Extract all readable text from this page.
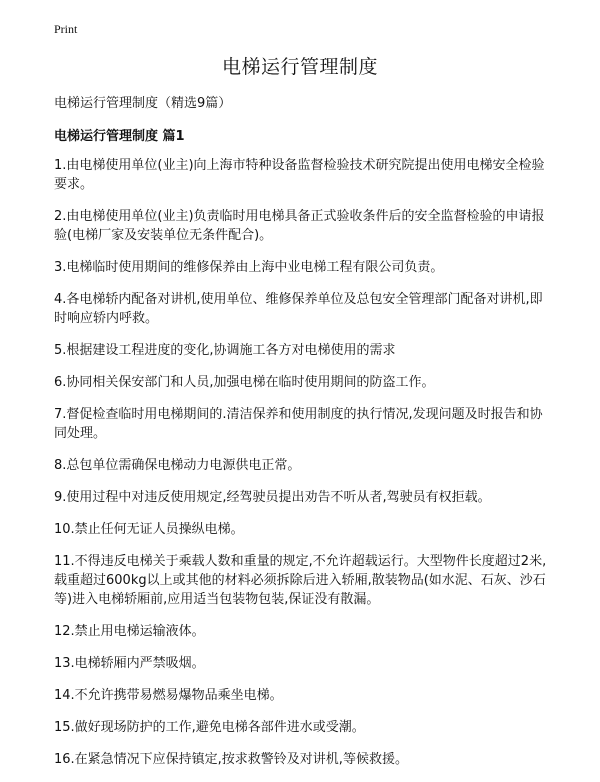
Print
电梯运行管理制度
电梯运行管理制度（精选9篇）
电梯运行管理制度 篇1
1.由电梯使用单位(业主)向上海市特种设备监督检验技术研究院提出使用电梯安全检验要求。
2.由电梯使用单位(业主)负责临时用电梯具备正式验收条件后的安全监督检验的申请报验(电梯厂家及安装单位无条件配合)。
3.电梯临时使用期间的维修保养由上海中业电梯工程有限公司负责。
4.各电梯轿内配备对讲机,使用单位、维修保养单位及总包安全管理部门配备对讲机,即时响应轿内呼救。
5.根据建设工程进度的变化,协调施工各方对电梯使用的需求
6.协同相关保安部门和人员,加强电梯在临时使用期间的防盗工作。
7.督促检查临时用电梯期间的.清洁保养和使用制度的执行情况,发现问题及时报告和协同处理。
8.总包单位需确保电梯动力电源供电正常。
9.使用过程中对违反使用规定,经驾驶员提出劝告不听从者,驾驶员有权拒载。
10.禁止任何无证人员操纵电梯。
11.不得违反电梯关于乘载人数和重量的规定,不允许超载运行。大型物件长度超过2米,载重超过600kg以上或其他的材料必须拆除后进入轿厢,散装物品(如水泥、石灰、沙石等)进入电梯轿厢前,应用适当包装物包装,保证没有散漏。
12.禁止用电梯运输液体。
13.电梯轿厢内严禁吸烟。
14.不允许携带易燃易爆物品乘坐电梯。
15.做好现场防护的工作,避免电梯各部件进水或受潮。
16.在紧急情况下应保持镇定,按求救警铃及对讲机,等候救援。
